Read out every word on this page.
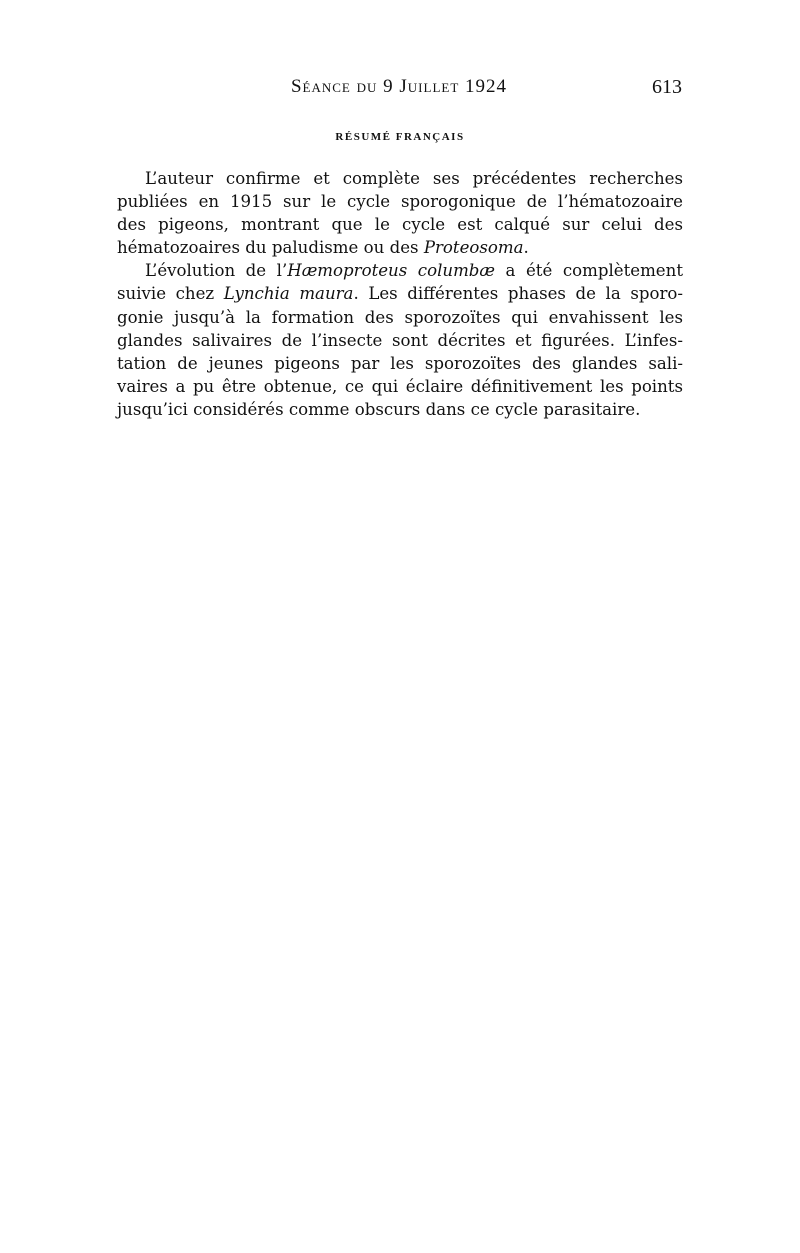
Séance du 9 Juillet 1924	613
RÉSUMÉ FRANÇAIS
L’auteur confirme et complète ses précédentes recherches
publiées en 1915 sur le cycle sporogonique de l’hématozoaire
des pigeons, montrant que le cycle est calqué sur celui des
hématozoaires du paludisme ou des Proteosoma.
L’évolution de l’Hæmoproteus columbæ a été complètement
suivie chez Lynchia maura. Les différentes phases de la sporo-
gonie jusqu’à la formation des sporozoïtes qui envahissent les
glandes salivaires de l’insecte sont décrites et figurées. L’infes-
tation de jeunes pigeons par les sporozoïtes des glandes sali-
vaires a pu être obtenue, ce qui éclaire définitivement les points
jusqu’ici considérés comme obscurs dans ce cycle parasitaire.
